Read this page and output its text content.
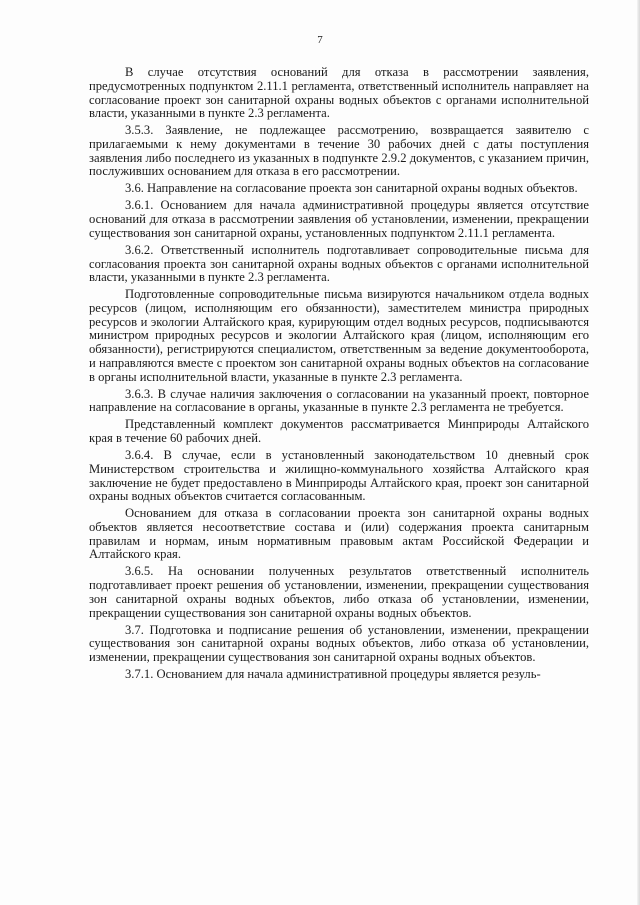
7

В случае отсутствия оснований для отказа в рассмотрении заявления, предусмотренных подпунктом 2.11.1 регламента, ответственный исполнитель направляет на согласование проект зон санитарной охраны водных объектов с органами исполнительной власти, указанными в пункте 2.3 регламента.

3.5.3. Заявление, не подлежащее рассмотрению, возвращается заявителю с прилагаемыми к нему документами в течение 30 рабочих дней с даты поступления заявления либо последнего из указанных в подпункте 2.9.2 документов, с указанием причин, послуживших основанием для отказа в его рассмотрении.

3.6. Направление на согласование проекта зон санитарной охраны водных объектов.

3.6.1. Основанием для начала административной процедуры является отсутствие оснований для отказа в рассмотрении заявления об установлении, изменении, прекращении существования зон санитарной охраны, установленных подпунктом 2.11.1 регламента.

3.6.2. Ответственный исполнитель подготавливает сопроводительные письма для согласования проекта зон санитарной охраны водных объектов с органами исполнительной власти, указанными в пункте 2.3 регламента.

Подготовленные сопроводительные письма визируются начальником отдела водных ресурсов (лицом, исполняющим его обязанности), заместителем министра природных ресурсов и экологии Алтайского края, курирующим отдел водных ресурсов, подписываются министром природных ресурсов и экологии Алтайского края (лицом, исполняющим его обязанности), регистрируются специалистом, ответственным за ведение документооборота, и направляются вместе с проектом зон санитарной охраны водных объектов на согласование в органы исполнительной власти, указанные в пункте 2.3 регламента.

3.6.3. В случае наличия заключения о согласовании на указанный проект, повторное направление на согласование в органы, указанные в пункте 2.3 регламента не требуется.

Представленный комплект документов рассматривается Минприроды Алтайского края в течение 60 рабочих дней.

3.6.4. В случае, если в установленный законодательством 10 дневный срок Министерством строительства и жилищно-коммунального хозяйства Алтайского края заключение не будет предоставлено в Минприроды Алтайского края, проект зон санитарной охраны водных объектов считается согласованным.

Основанием для отказа в согласовании проекта зон санитарной охраны водных объектов является несоответствие состава и (или) содержания проекта санитарным правилам и нормам, иным нормативным правовым актам Российской Федерации и Алтайского края.

3.6.5. На основании полученных результатов ответственный исполнитель подготавливает проект решения об установлении, изменении, прекращении существования зон санитарной охраны водных объектов, либо отказа об установлении, изменении, прекращении существования зон санитарной охраны водных объектов.

3.7. Подготовка и подписание решения об установлении, изменении, прекращении существования зон санитарной охраны водных объектов, либо отказа об установлении, изменении, прекращении существования зон санитарной охраны водных объектов.

3.7.1. Основанием для начала административной процедуры является резуль-
